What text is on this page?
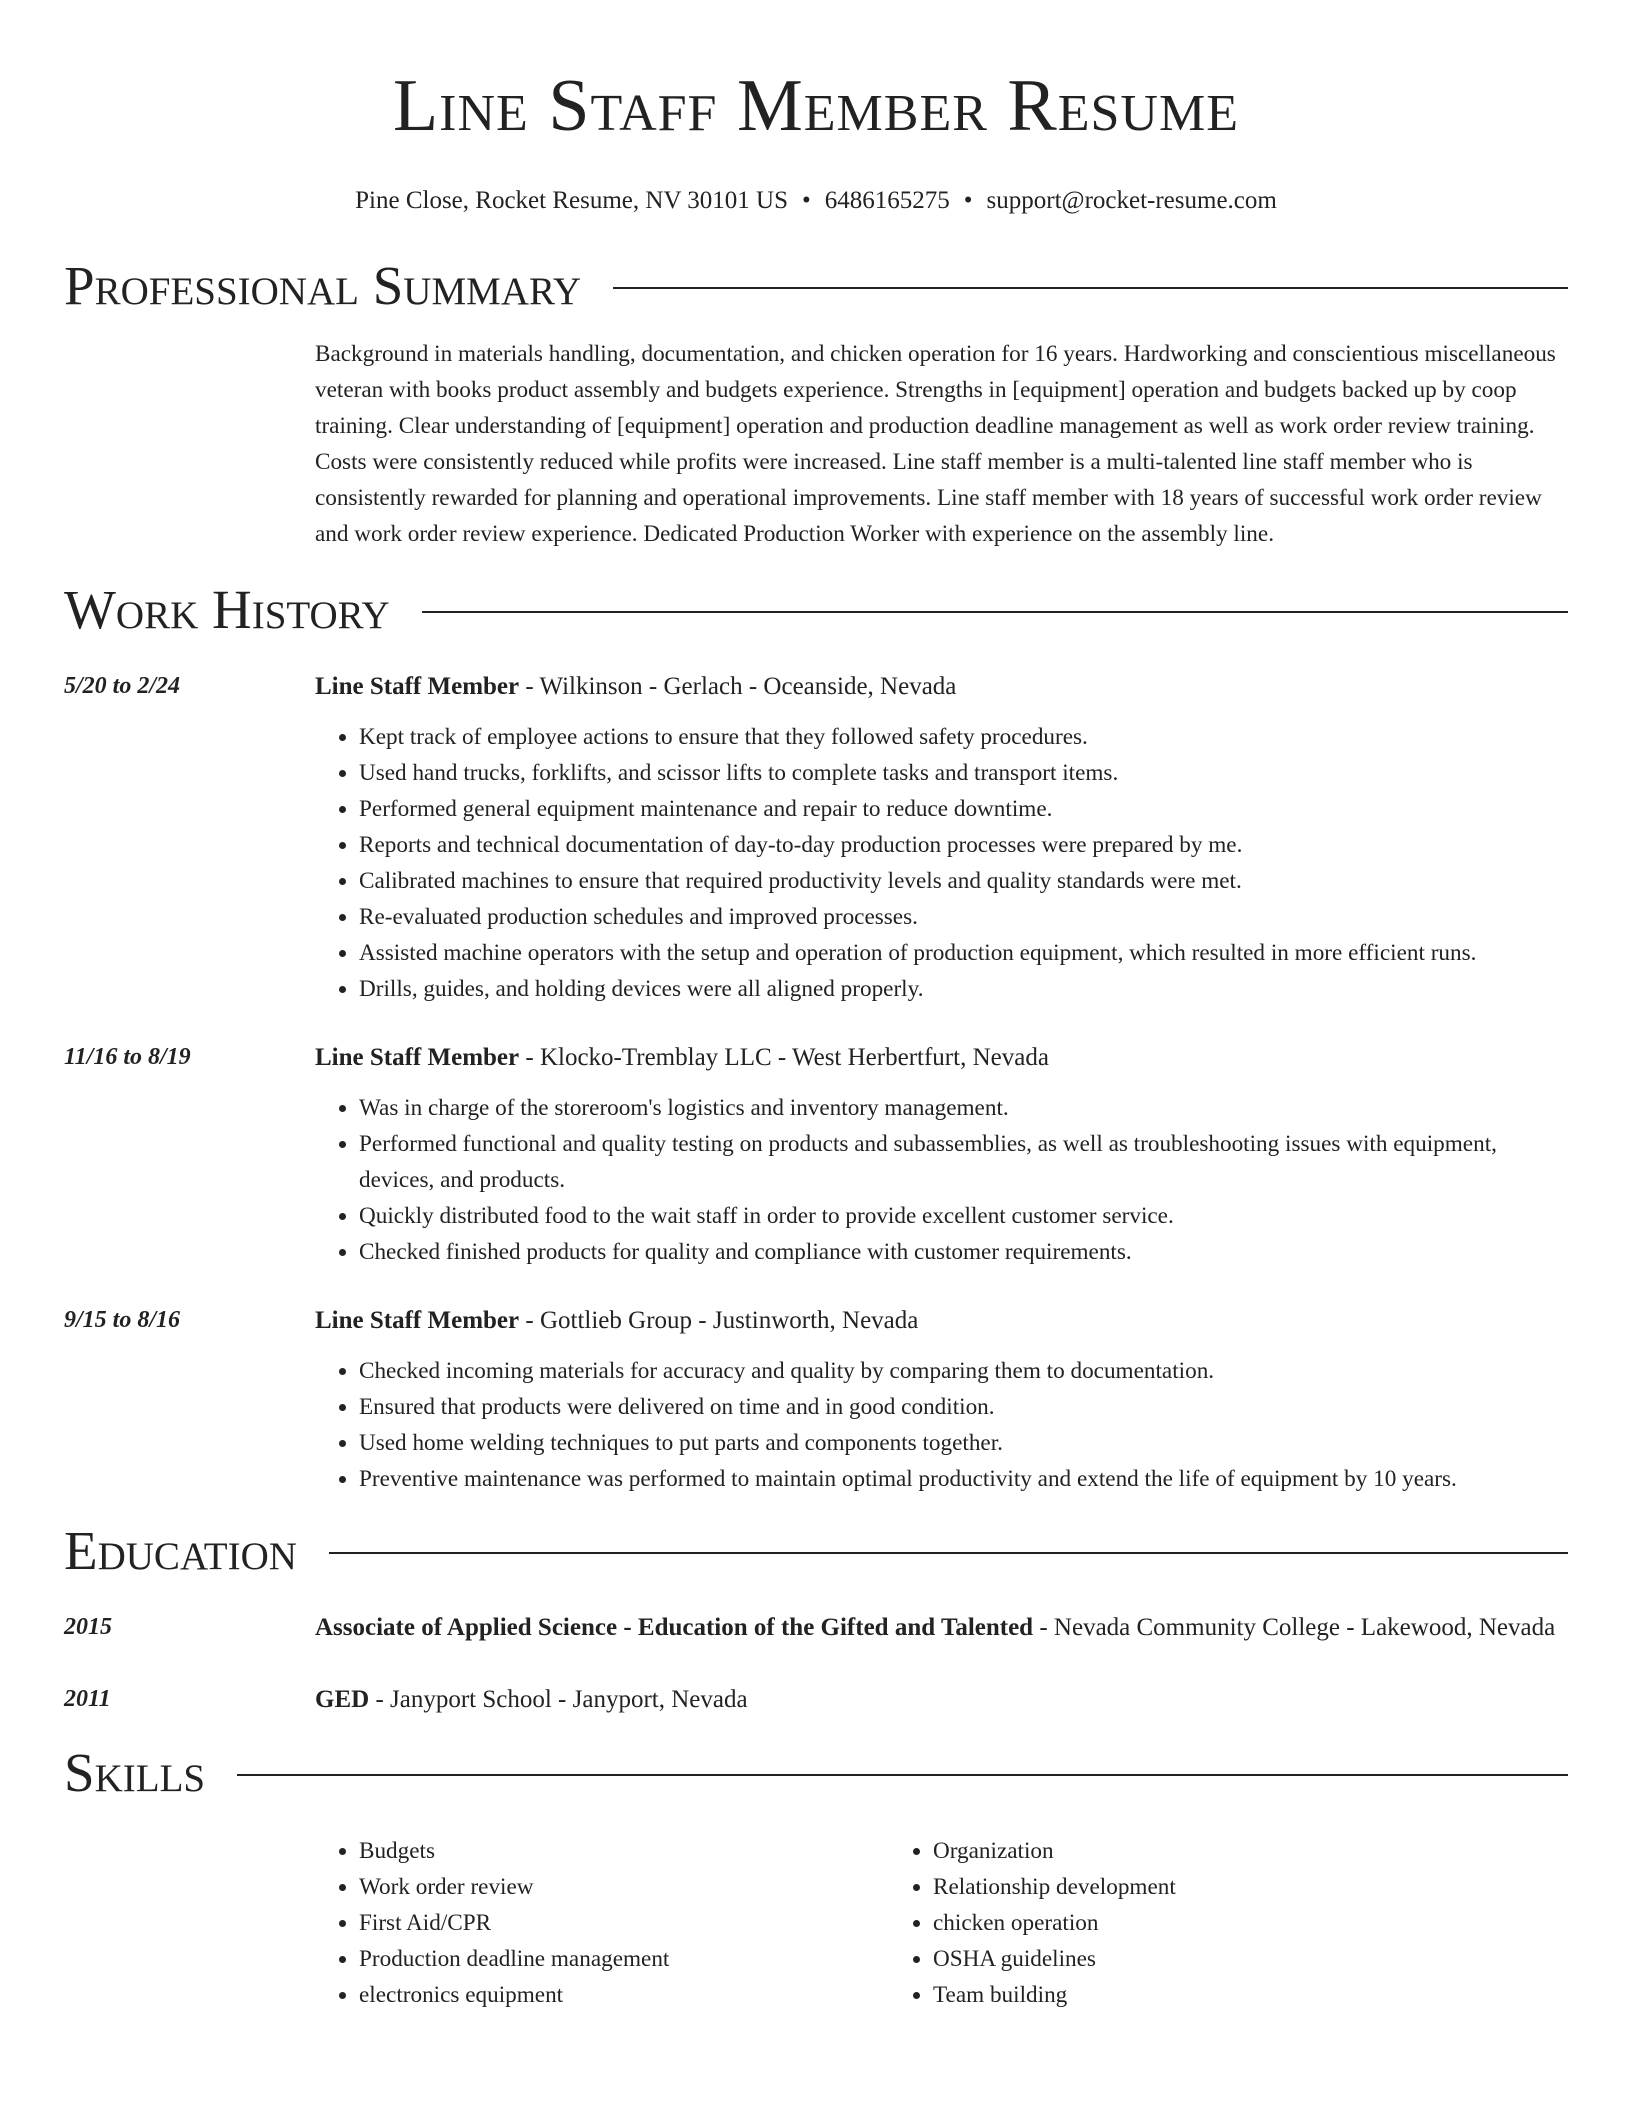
Line Staff Member Resume
Pine Close, Rocket Resume, NV 30101 US • 6486165275 • support@rocket-resume.com
Professional Summary
Background in materials handling, documentation, and chicken operation for 16 years. Hardworking and conscientious miscellaneous veteran with books product assembly and budgets experience. Strengths in [equipment] operation and budgets backed up by coop training. Clear understanding of [equipment] operation and production deadline management as well as work order review training. Costs were consistently reduced while profits were increased. Line staff member is a multi-talented line staff member who is consistently rewarded for planning and operational improvements. Line staff member with 18 years of successful work order review and work order review experience. Dedicated Production Worker with experience on the assembly line.
Work History
5/20 to 2/24	Line Staff Member - Wilkinson - Gerlach - Oceanside, Nevada
• Kept track of employee actions to ensure that they followed safety procedures.
• Used hand trucks, forklifts, and scissor lifts to complete tasks and transport items.
• Performed general equipment maintenance and repair to reduce downtime.
• Reports and technical documentation of day-to-day production processes were prepared by me.
• Calibrated machines to ensure that required productivity levels and quality standards were met.
• Re-evaluated production schedules and improved processes.
• Assisted machine operators with the setup and operation of production equipment, which resulted in more efficient runs.
• Drills, guides, and holding devices were all aligned properly.
11/16 to 8/19	Line Staff Member - Klocko-Tremblay LLC - West Herbertfurt, Nevada
• Was in charge of the storeroom's logistics and inventory management.
• Performed functional and quality testing on products and subassemblies, as well as troubleshooting issues with equipment, devices, and products.
• Quickly distributed food to the wait staff in order to provide excellent customer service.
• Checked finished products for quality and compliance with customer requirements.
9/15 to 8/16	Line Staff Member - Gottlieb Group - Justinworth, Nevada
• Checked incoming materials for accuracy and quality by comparing them to documentation.
• Ensured that products were delivered on time and in good condition.
• Used home welding techniques to put parts and components together.
• Preventive maintenance was performed to maintain optimal productivity and extend the life of equipment by 10 years.
Education
2015	Associate of Applied Science - Education of the Gifted and Talented - Nevada Community College - Lakewood, Nevada
2011	GED - Janyport School - Janyport, Nevada
Skills
• Budgets
• Work order review
• First Aid/CPR
• Production deadline management
• electronics equipment
• Organization
• Relationship development
• chicken operation
• OSHA guidelines
• Team building
